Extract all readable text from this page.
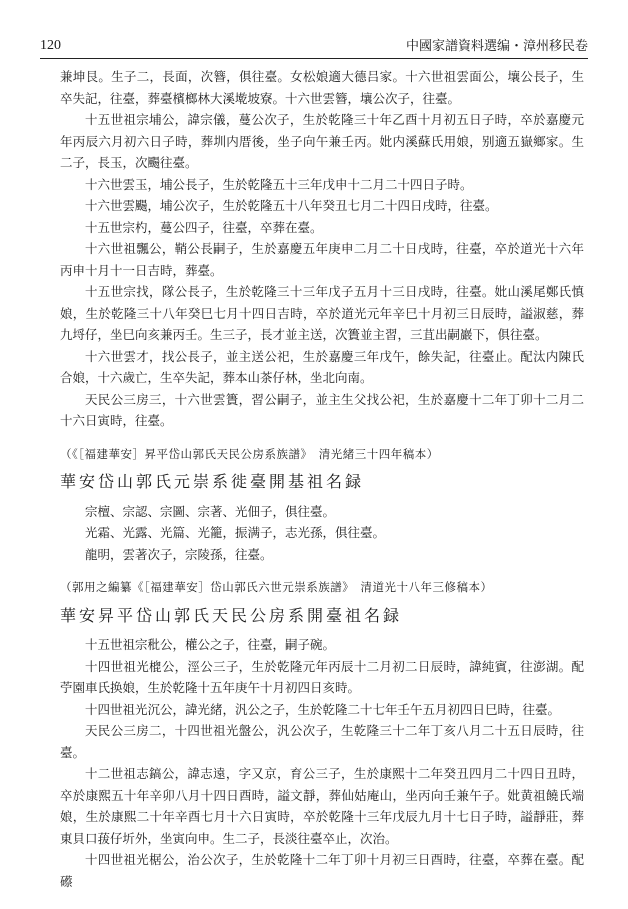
120	中國家譜資料選编・漳州移民卷

兼坤艮。生子二，長面，次簪，俱往臺。女松娘適大德吕家。十六世祖雲面公，壤公長子，生卒失記，往臺，葬臺檳榔林大溪墘坡寮。十六世雲簪，壤公次子，往臺。

十五世祖宗埔公，諱宗儀，蔓公次子，生於乾隆三十年乙酉十月初五日子時，卒於嘉慶元年丙辰六月初六日子時，葬圳内厝後，坐子向午兼壬丙。妣内溪蘇氏用娘，别適五嶽鄉家。生二子，長玉，次颺往臺。

十六世雲玉，埔公長子，生於乾隆五十三年戊申十二月二十四日子時。

十六世雲颺，埔公次子，生於乾隆五十八年癸丑七月二十四日戌時，往臺。

十五世宗杓，蔓公四子，往臺，卒葬在臺。

十六世祖飄公，鞘公長嗣子，生於嘉慶五年庚申二月二十日戌時，往臺，卒於道光十六年丙申十月十一日吉時，葬臺。

十五世宗找，隊公長子，生於乾隆三十三年戊子五月十三日戌時，往臺。妣山溪尾鄭氏慎娘，生於乾隆三十八年癸巳七月十四日吉時，卒於道光元年辛巳十月初三日辰時，謚淑慈，葬九埒仔，坐巳向亥兼丙壬。生三子，長才並主送，次簣並主習，三苴出嗣巖下，俱往臺。

十六世雲才，找公長子，並主送公祀，生於嘉慶三年戊午，餘失記，往臺止。配汰内陳氏合娘，十六歲亡，生卒失記，葬本山茶仔林，坐北向南。

天民公三房三，十六世雲簣，習公嗣子，並主生父找公祀，生於嘉慶十二年丁卯十二月二十六日寅時，往臺。

（《［福建華安］昇平岱山郭氏天民公房系族譜》　清光緒三十四年稿本）

華安岱山郭氏元崇系徙臺開基祖名録

宗檀、宗認、宗圖、宗著、光佃子，俱往臺。

光霜、光露、光篇、光籠，振满子，志光孫，俱往臺。

龍明，雲著次子，宗陵孫，往臺。

（郭用之編纂《［福建華安］岱山郭氏六世元崇系族譜》　清道光十八年三修稿本）

華安昇平岱山郭氏天民公房系開臺祖名録

十五世祖宗秕公，權公之子，往臺，嗣子碗。

十四世祖光㮰公，涇公三子，生於乾隆元年丙辰十二月初二日辰時，諱純賓，往澎湖。配苧園車氏换娘，生於乾隆十五年庚午十月初四日亥時。

十四世祖光沉公，諱光緒，汎公之子，生於乾隆二十七年壬午五月初四日巳時，往臺。

天民公三房二，十四世祖光盤公，汎公次子，生乾隆三十二年丁亥八月二十五日辰時，往臺。

十二世祖志鎬公，諱志遠，字又京，育公三子，生於康熙十二年癸丑四月二十四日丑時，卒於康熙五十年辛卯八月十四日酉時，謚文靜，葬仙姑庵山，坐丙向壬兼午子。妣黄祖饒氏端娘，生於康熙二十年辛酉七月十六日寅時，卒於乾隆十三年戊辰九月十七日子時，謚靜莊，葬東貝口菝仔圻外，坐寅向申。生二子，長淡往臺卒止，次治。

十四世祖光椐公，治公次子，生於乾隆十二年丁卯十月初三日酉時，往臺，卒葬在臺。配礤
